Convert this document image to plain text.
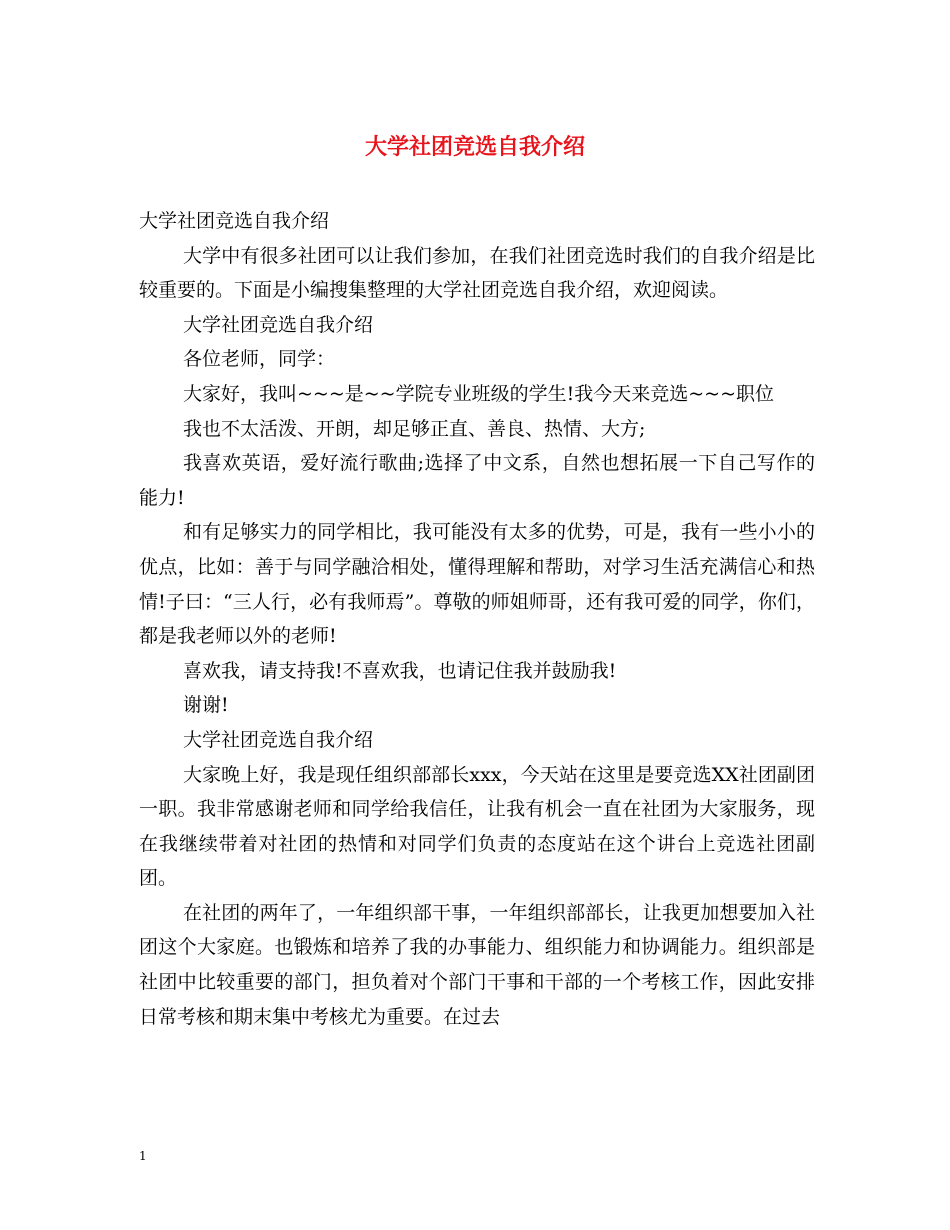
大学社团竞选自我介绍

大学社团竞选自我介绍

大学中有很多社团可以让我们参加，在我们社团竞选时我们的自我介绍是比较重要的。下面是小编搜集整理的大学社团竞选自我介绍，欢迎阅读。

大学社团竞选自我介绍

各位老师，同学：

大家好，我叫~~~是~~学院专业班级的学生!我今天来竞选~~~职位

我也不太活泼、开朗，却足够正直、善良、热情、大方;

我喜欢英语，爱好流行歌曲;选择了中文系，自然也想拓展一下自己写作的能力!

和有足够实力的同学相比，我可能没有太多的优势，可是，我有一些小小的优点，比如：善于与同学融洽相处，懂得理解和帮助，对学习生活充满信心和热情!子曰：“三人行，必有我师焉”。尊敬的师姐师哥，还有我可爱的同学，你们，都是我老师以外的老师!

喜欢我，请支持我!不喜欢我，也请记住我并鼓励我!

谢谢!

大学社团竞选自我介绍

大家晚上好，我是现任组织部部长xxx，今天站在这里是要竞选XX社团副团一职。我非常感谢老师和同学给我信任，让我有机会一直在社团为大家服务，现在我继续带着对社团的热情和对同学们负责的态度站在这个讲台上竞选社团副团。

在社团的两年了，一年组织部干事，一年组织部部长，让我更加想要加入社团这个大家庭。也锻炼和培养了我的办事能力、组织能力和协调能力。组织部是社团中比较重要的部门，担负着对个部门干事和干部的一个考核工作，因此安排日常考核和期末集中考核尤为重要。在过去

1
